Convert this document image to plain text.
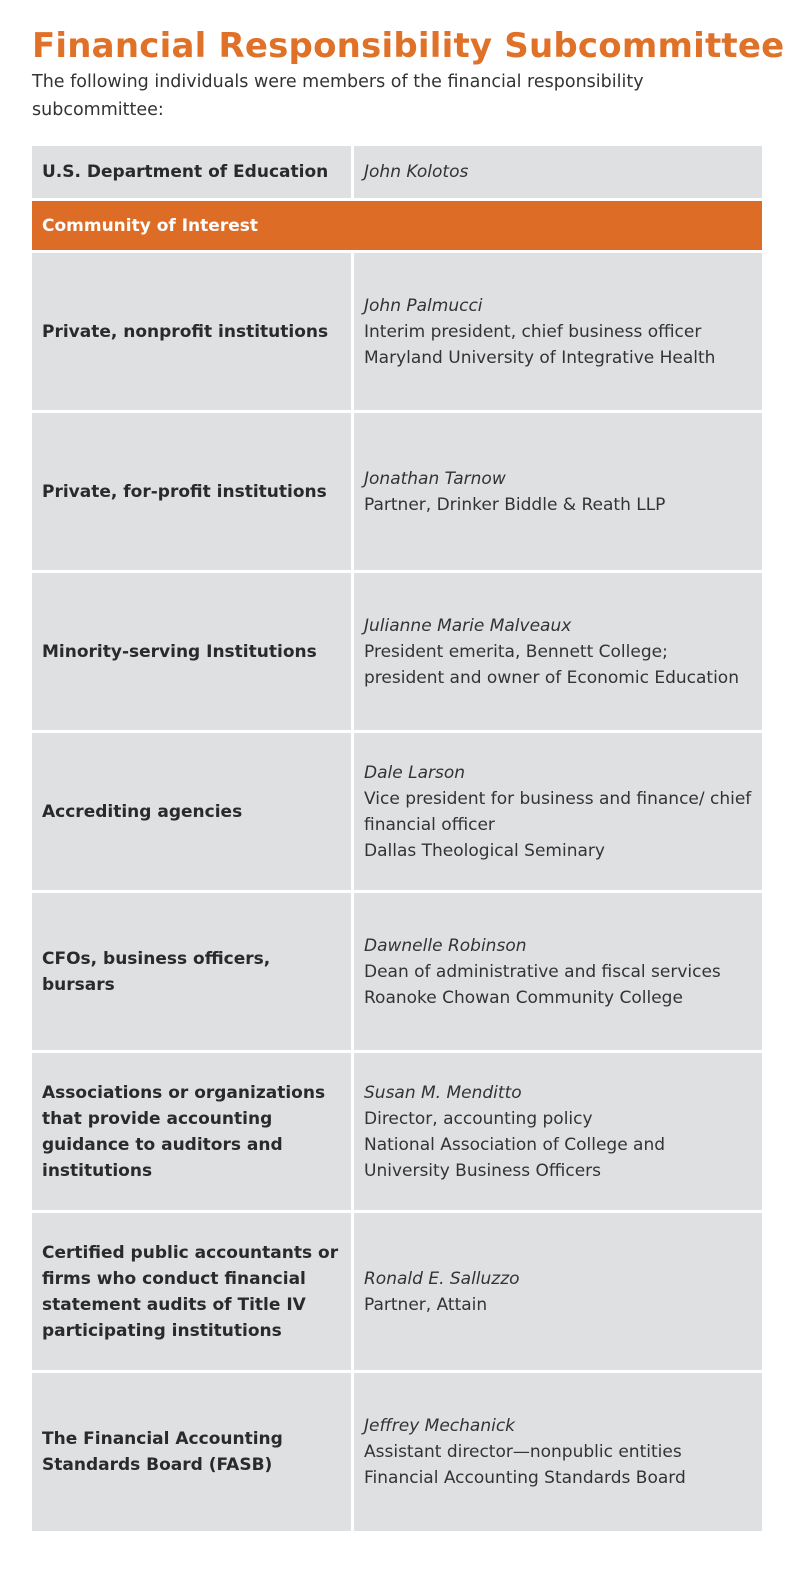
Financial Responsibility Subcommittee

The following individuals were members of the financial responsibility subcommittee:

U.S. Department of Education	John Kolotos
Community of Interest
Private, nonprofit institutions
John Palmucci
Interim president, chief business officer
Maryland University of Integrative Health
Private, for-profit institutions
Jonathan Tarnow
Partner, Drinker Biddle & Reath LLP
Minority-serving Institutions
Julianne Marie Malveaux
President emerita, Bennett College; president and owner of Economic Education
Accrediting agencies
Dale Larson
Vice president for business and finance/ chief financial officer
Dallas Theological Seminary
CFOs, business officers, bursars
Dawnelle Robinson
Dean of administrative and fiscal services
Roanoke Chowan Community College
Associations or organizations that provide accounting guidance to auditors and institutions
Susan M. Menditto
Director, accounting policy
National Association of College and University Business Officers
Certified public accountants or firms who conduct financial statement audits of Title IV participating institutions
Ronald E. Salluzzo
Partner, Attain
The Financial Accounting Standards Board (FASB)
Jeffrey Mechanick
Assistant director—nonpublic entities
Financial Accounting Standards Board
